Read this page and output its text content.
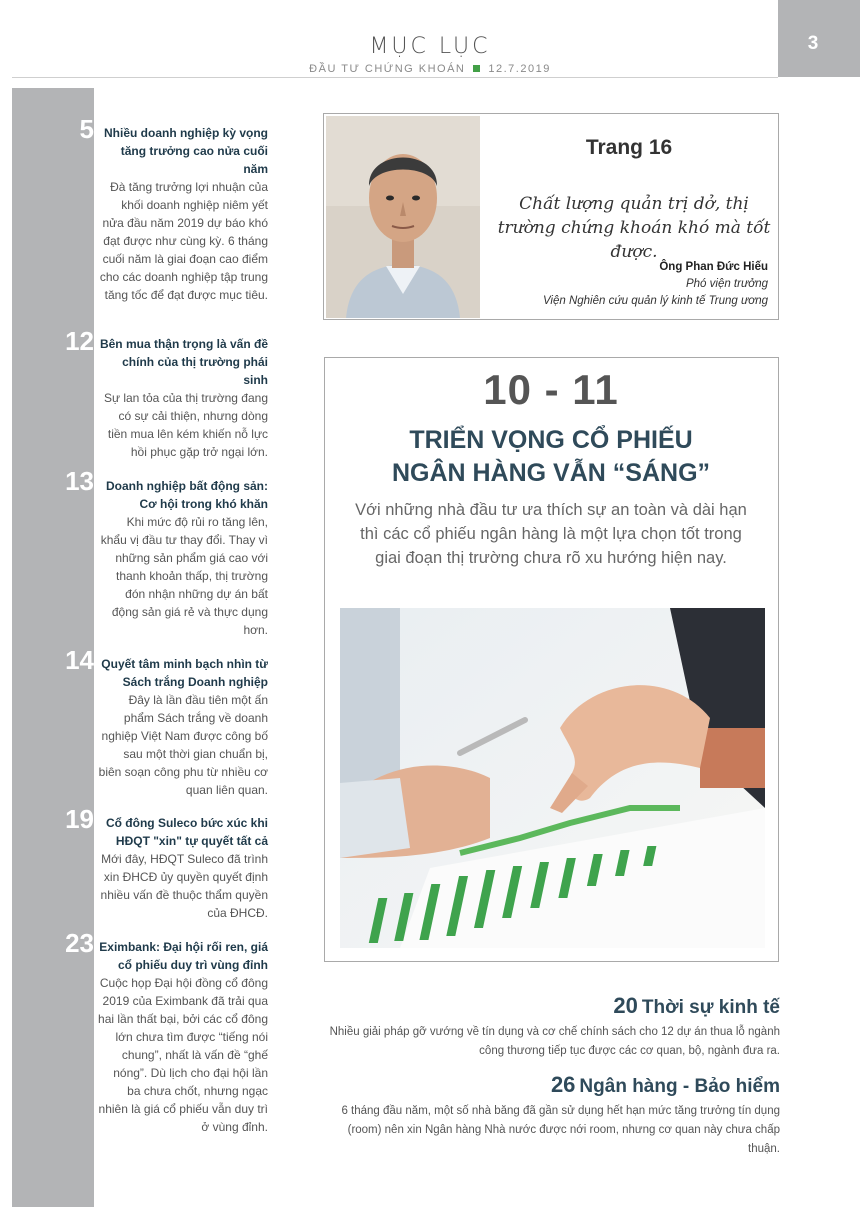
MỤC LỤC
ĐẦU TƯ CHỨNG KHOÁN 12.7.2019
3
5 Nhiều doanh nghiệp kỳ vọng tăng trưởng cao nửa cuối năm
Đà tăng trưởng lợi nhuận của khối doanh nghiệp niêm yết nửa đầu năm 2019 dự báo khó đạt được như cùng kỳ. 6 tháng cuối năm là giai đoạn cao điểm cho các doanh nghiệp tập trung tăng tốc để đạt được mục tiêu.
12 Bên mua thận trọng là vấn đề chính của thị trường phái sinh
Sự lan tỏa của thị trường đang có sự cải thiện, nhưng dòng tiền mua lên kém khiến nỗ lực hồi phục gặp trở ngại lớn.
13	Doanh nghiệp bất động sản: Cơ hội trong khó khăn
Khi mức độ rủi ro tăng lên, khẩu vị đầu tư thay đổi. Thay vì những sản phẩm giá cao với thanh khoản thấp, thị trường đón nhận những dự án bất động sản giá rẻ và thực dụng hơn.
14 Quyết tâm minh bạch nhìn từ Sách trắng Doanh nghiệp
Đây là lần đầu tiên một ấn phẩm Sách trắng về doanh nghiệp Việt Nam được công bố sau một thời gian chuẩn bị, biên soạn công phu từ nhiều cơ quan liên quan.
19 Cổ đông Suleco bức xúc khi HĐQT "xin" tự quyết tất cả
Mới đây, HĐQT Suleco đã trình xin ĐHCĐ ủy quyền quyết định nhiều vấn đề thuộc thẩm quyền của ĐHCĐ.
23 Eximbank: Đại hội rối ren, giá cổ phiếu duy trì vùng đỉnh
Cuộc họp Đại hội đồng cổ đông 2019 của Eximbank đã trải qua hai lần thất bại, bởi các cổ đông lớn chưa tìm được “tiếng nói chung”, nhất là vấn đề “ghế nóng”. Dù lịch cho đại hội lần ba chưa chốt, nhưng ngạc nhiên là giá cổ phiếu vẫn duy trì ở vùng đỉnh.
Trang 16
Chất lượng quản trị dở, thị trường chứng khoán khó mà tốt được.
Ông Phan Đức Hiếu
Phó viện trưởng
Viện Nghiên cứu quản lý kinh tế Trung ương
10 - 11
TRIỂN VỌNG CỔ PHIẾU
NGÂN HÀNG VẪN “SÁNG”
Với những nhà đầu tư ưa thích sự an toàn và dài hạn thì các cổ phiếu ngân hàng là một lựa chọn tốt trong giai đoạn thị trường chưa rõ xu hướng hiện nay.
20 Thời sự kinh tế
Nhiều giải pháp gỡ vướng về tín dụng và cơ chế chính sách cho 12 dự án thua lỗ ngành công thương tiếp tục được các cơ quan, bộ, ngành đưa ra.
26 Ngân hàng - Bảo hiểm
6 tháng đầu năm, một số nhà băng đã gần sử dụng hết hạn mức tăng trưởng tín dụng (room) nên xin Ngân hàng Nhà nước được nới room, nhưng cơ quan này chưa chấp thuận.
